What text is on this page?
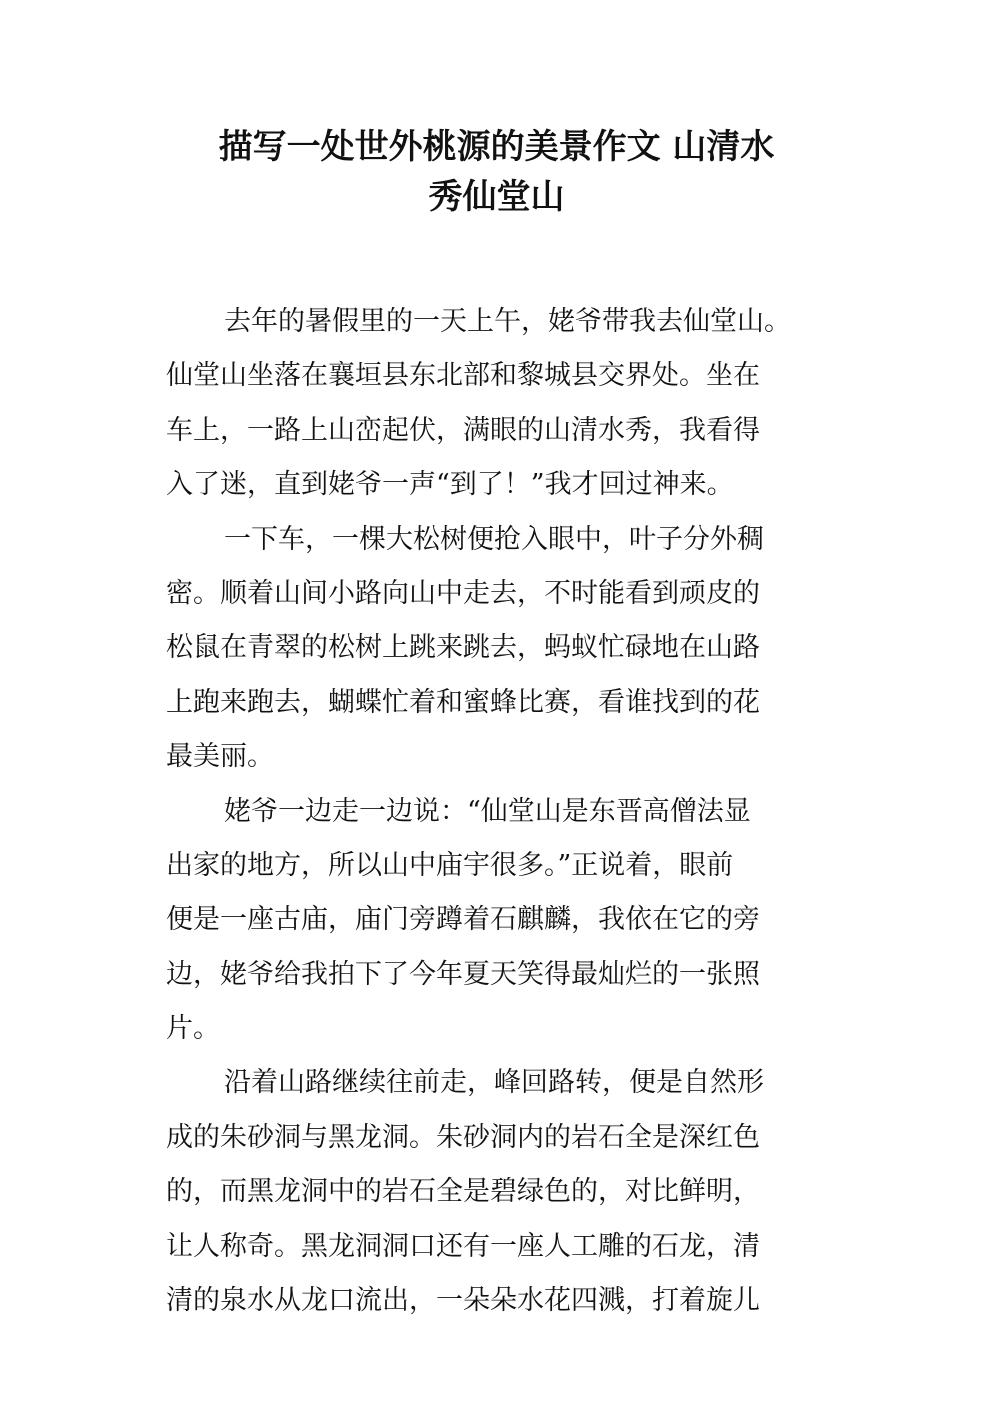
描写一处世外桃源的美景作文 山清水
秀仙堂山
去年的暑假里的一天上午，姥爷带我去仙堂山。
仙堂山坐落在襄垣县东北部和黎城县交界处。坐在
车上，一路上山峦起伏，满眼的山清水秀，我看得
入了迷，直到姥爷一声“到了！”我才回过神来。
一下车，一棵大松树便抢入眼中，叶子分外稠
密。顺着山间小路向山中走去，不时能看到顽皮的
松鼠在青翠的松树上跳来跳去，蚂蚁忙碌地在山路
上跑来跑去，蝴蝶忙着和蜜蜂比赛，看谁找到的花
最美丽。
姥爷一边走一边说：“仙堂山是东晋高僧法显
出家的地方，所以山中庙宇很多。”正说着，眼前
便是一座古庙，庙门旁蹲着石麒麟，我依在它的旁
边，姥爷给我拍下了今年夏天笑得最灿烂的一张照
片。
沿着山路继续往前走，峰回路转，便是自然形
成的朱砂洞与黑龙洞。朱砂洞内的岩石全是深红色
的，而黑龙洞中的岩石全是碧绿色的，对比鲜明，
让人称奇。黑龙洞洞口还有一座人工雕的石龙，清
清的泉水从龙口流出，一朵朵水花四溅，打着旋儿
